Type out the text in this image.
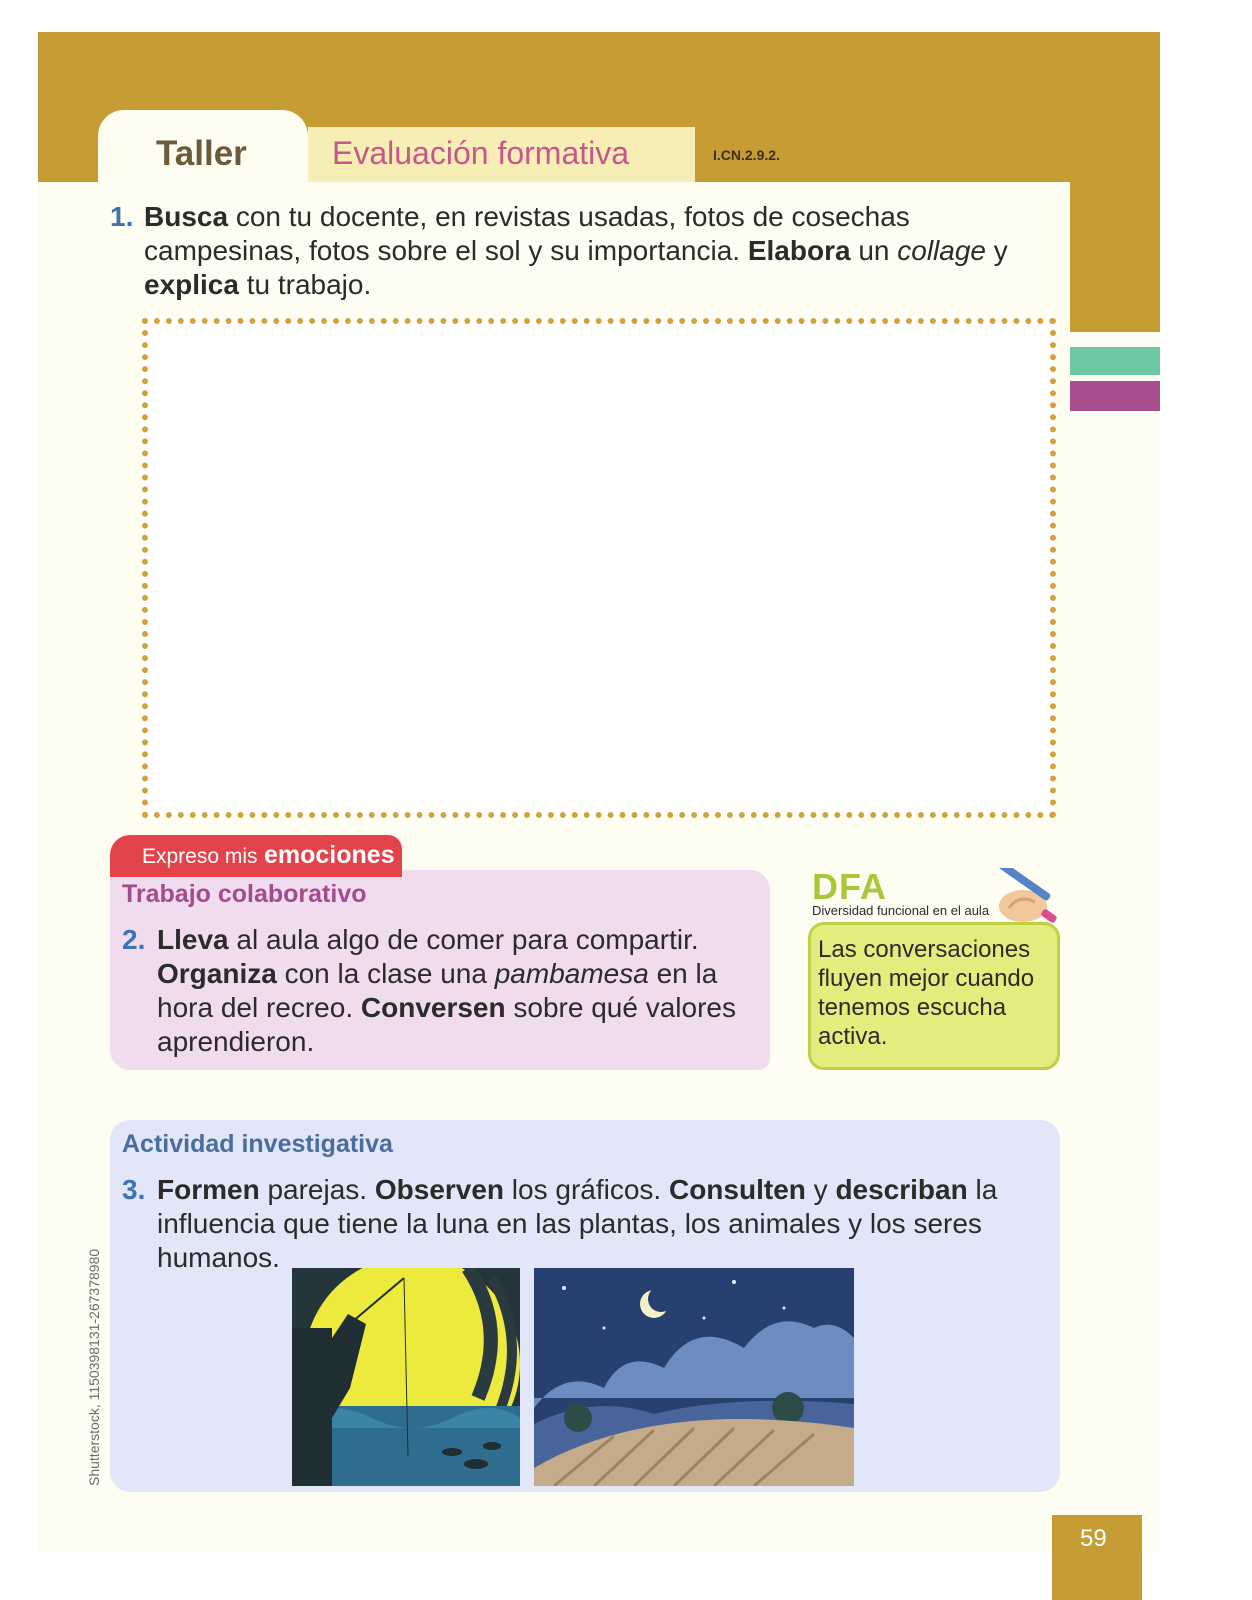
Taller	Evaluación formativa	I.CN.2.9.2.
1. Busca con tu docente, en revistas usadas, fotos de cosechas campesinas, fotos sobre el sol y su importancia. Elabora un collage y explica tu trabajo.
Expreso mis emociones
Trabajo colaborativo
2. Lleva al aula algo de comer para compartir. Organiza con la clase una pambamesa en la hora del recreo. Conversen sobre qué valores aprendieron.
DFA
Diversidad funcional en el aula
Las conversaciones fluyen mejor cuando tenemos escucha activa.
Actividad investigativa
3. Formen parejas. Observen los gráficos. Consulten y describan la influencia que tiene la luna en las plantas, los animales y los seres humanos.
Shutterstock, 1150398131-267378980
59
